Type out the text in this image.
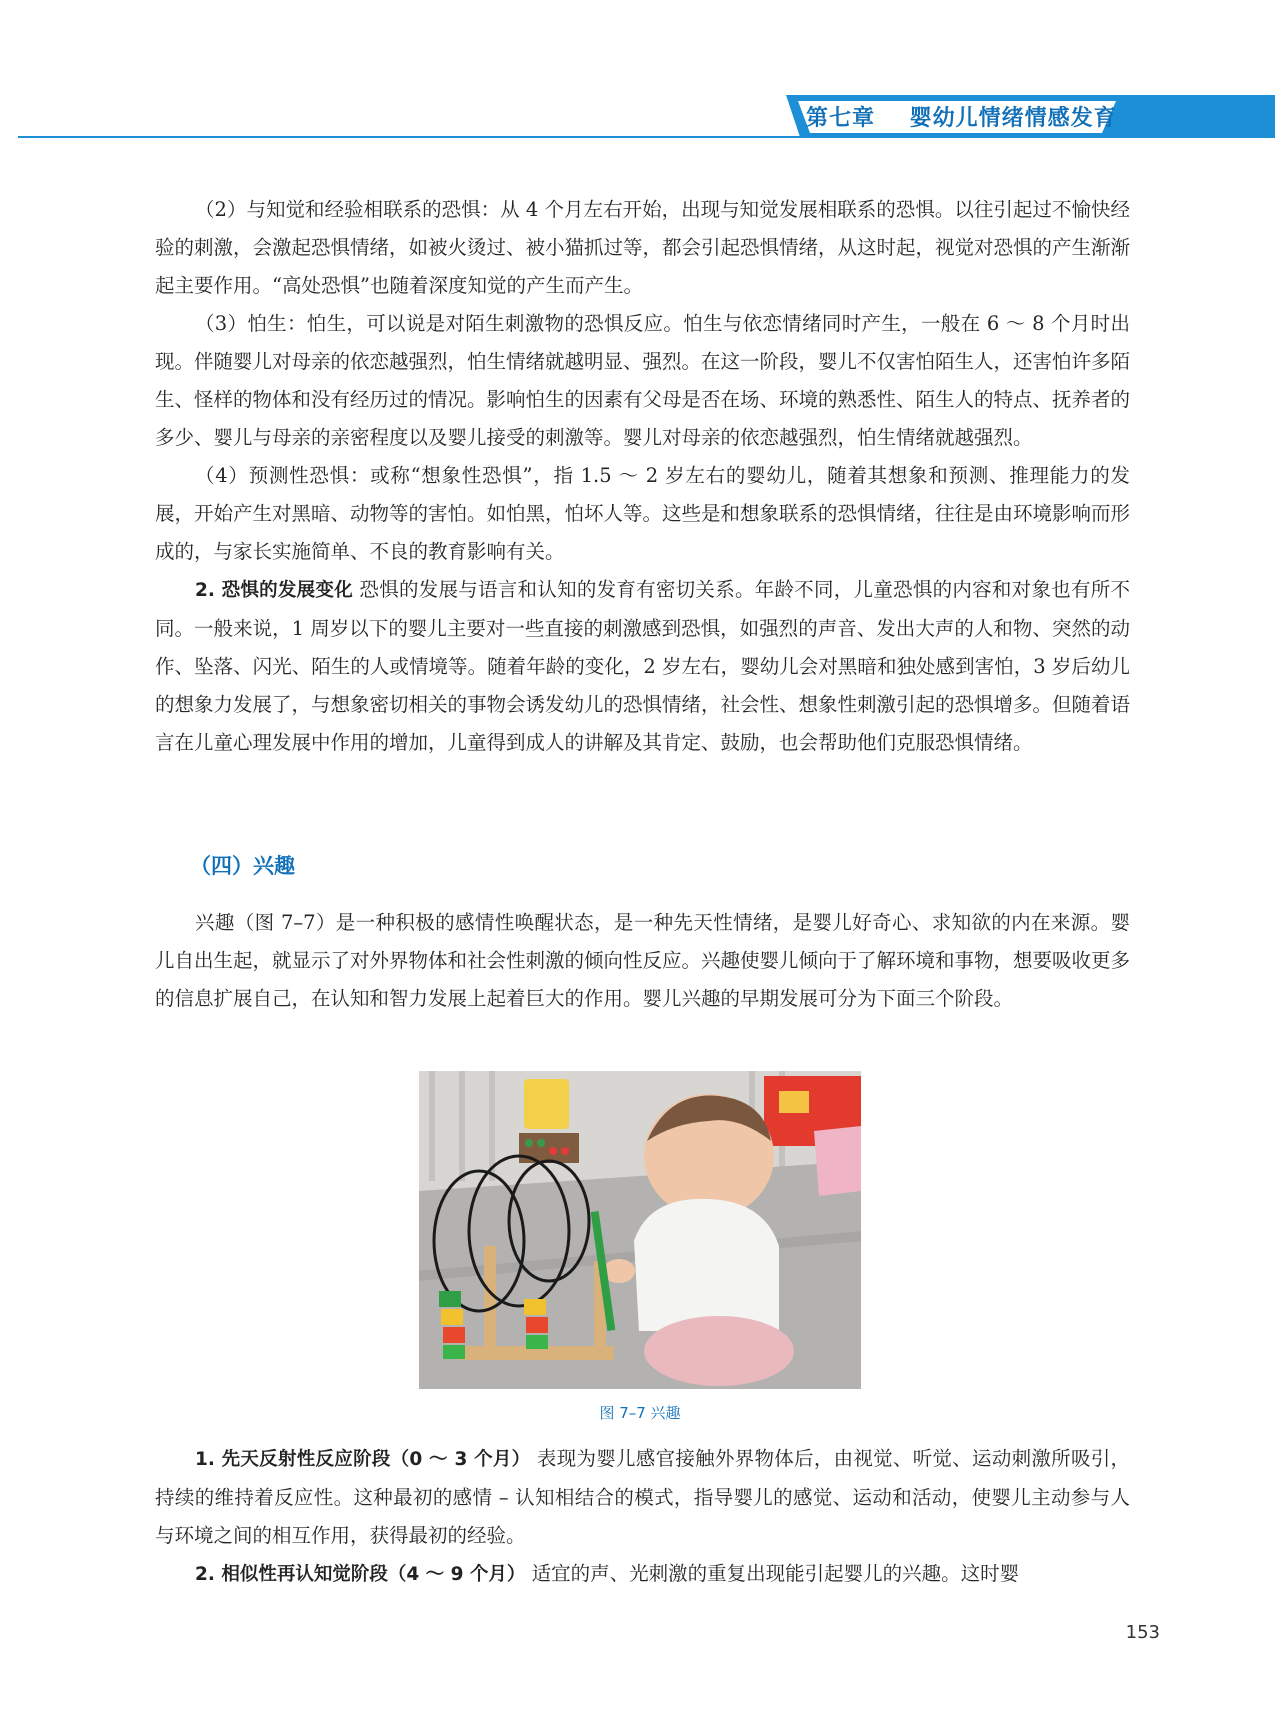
第七章    婴幼儿情绪情感发育

（2）与知觉和经验相联系的恐惧：从 4 个月左右开始，出现与知觉发展相联系的恐惧。以往引起过不愉快经验的刺激，会激起恐惧情绪，如被火烫过、被小猫抓过等，都会引起恐惧情绪，从这时起，视觉对恐惧的产生渐渐起主要作用。“高处恐惧”也随着深度知觉的产生而产生。

（3）怕生：怕生，可以说是对陌生刺激物的恐惧反应。怕生与依恋情绪同时产生，一般在 6 ～ 8 个月时出现。伴随婴儿对母亲的依恋越强烈，怕生情绪就越明显、强烈。在这一阶段，婴儿不仅害怕陌生人，还害怕许多陌生、怪样的物体和没有经历过的情况。影响怕生的因素有父母是否在场、环境的熟悉性、陌生人的特点、抚养者的多少、婴儿与母亲的亲密程度以及婴儿接受的刺激等。婴儿对母亲的依恋越强烈，怕生情绪就越强烈。

（4）预测性恐惧：或称“想象性恐惧”，指 1.5 ～ 2 岁左右的婴幼儿，随着其想象和预测、推理能力的发展，开始产生对黑暗、动物等的害怕。如怕黑，怕坏人等。这些是和想象联系的恐惧情绪，往往是由环境影响而形成的，与家长实施简单、不良的教育影响有关。

2. 恐惧的发展变化 恐惧的发展与语言和认知的发育有密切关系。年龄不同，儿童恐惧的内容和对象也有所不同。一般来说，1 周岁以下的婴儿主要对一些直接的刺激感到恐惧，如强烈的声音、发出大声的人和物、突然的动作、坠落、闪光、陌生的人或情境等。随着年龄的变化，2 岁左右，婴幼儿会对黑暗和独处感到害怕，3 岁后幼儿的想象力发展了，与想象密切相关的事物会诱发幼儿的恐惧情绪，社会性、想象性刺激引起的恐惧增多。但随着语言在儿童心理发展中作用的增加，儿童得到成人的讲解及其肯定、鼓励，也会帮助他们克服恐惧情绪。

（四）兴趣

兴趣（图 7–7）是一种积极的感情性唤醒状态，是一种先天性情绪，是婴儿好奇心、求知欲的内在来源。婴儿自出生起，就显示了对外界物体和社会性刺激的倾向性反应。兴趣使婴儿倾向于了解环境和事物，想要吸收更多的信息扩展自己，在认知和智力发展上起着巨大的作用。婴儿兴趣的早期发展可分为下面三个阶段。

图 7–7 兴趣

1. 先天反射性反应阶段（0 ～ 3 个月） 表现为婴儿感官接触外界物体后，由视觉、听觉、运动刺激所吸引，持续的维持着反应性。这种最初的感情 – 认知相结合的模式，指导婴儿的感觉、运动和活动，使婴儿主动参与人与环境之间的相互作用，获得最初的经验。

2. 相似性再认知觉阶段（4 ～ 9 个月） 适宜的声、光刺激的重复出现能引起婴儿的兴趣。这时婴

153
